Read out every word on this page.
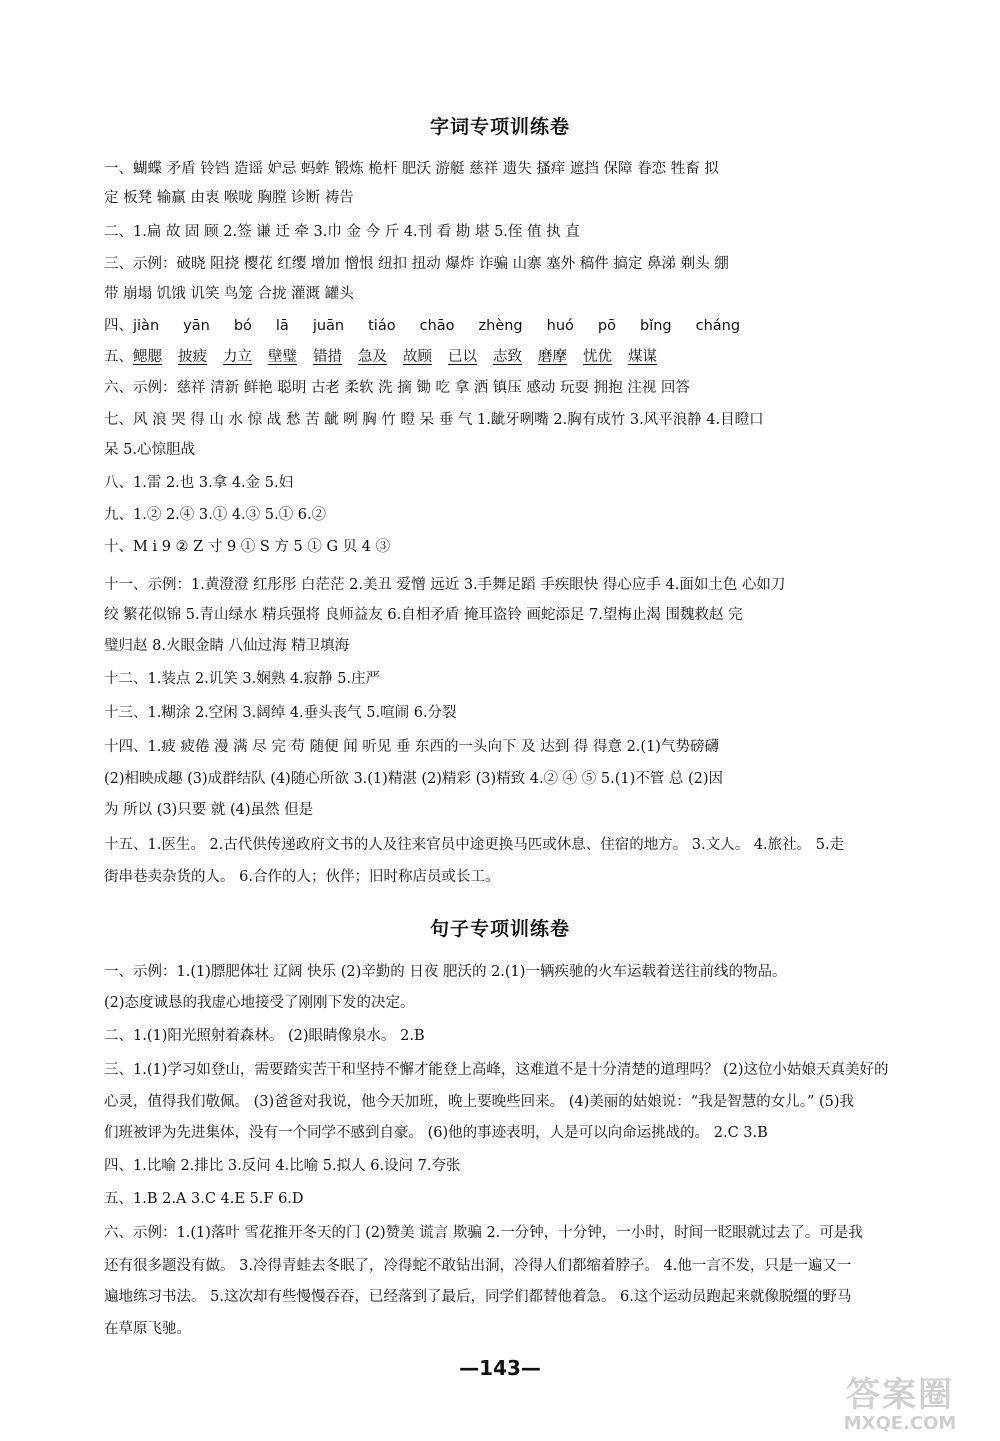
字词专项训练卷
一、蝴蝶 矛盾 铃铛 造谣 妒忌 蚂蚱 锻炼 桅杆 肥沃 游艇 慈祥 遗失 搔痒 遮挡 保障 眷恋 牲畜 拟
定 板凳 输赢 由衷 喉咙 胸膛 诊断 祷告
二、1.扁 故 固 顾 2.签 谦 迁 牵 3.巾 金 今 斤 4.刊 看 勘 堪 5.侄 值 执 直
三、示例：破晓 阻挠 樱花 红缨 增加 憎恨 纽扣 扭动 爆炸 诈骗 山寨 塞外 稿件 搞定 鼻涕 剃头 绷
带 崩塌 饥饿 讥笑 鸟笼 合拢 灌溉 罐头
四、jiàn yān bó lā juān tiáo chāo zhèng huó pō bǐng cháng
五、鳃腮 披疲 力立 壁璧 错措 急及 故顾 已以 志致 磨摩 忧优 煤谋
六、示例：慈祥 清新 鲜艳 聪明 古老 柔软 洗 摘 锄 吃 拿 洒 镇压 感动 玩耍 拥抱 注视 回答
七、风 浪 哭 得 山 水 惊 战 愁 苦 龇 咧 胸 竹 瞪 呆 垂 气 1.龇牙咧嘴 2.胸有成竹 3.风平浪静 4.目瞪口
呆 5.心惊胆战
八、1.雷 2.也 3.拿 4.金 5.妇
九、1.② 2.④ 3.① 4.③ 5.① 6.②
十、M i 9 ② Z 寸 9 ① S 方 5 ① G 贝 4 ③
十一、示例：1.黄澄澄 红彤彤 白茫茫 2.美丑 爱憎 远近 3.手舞足蹈 手疾眼快 得心应手 4.面如土色 心如刀
绞 繁花似锦 5.青山绿水 精兵强将 良师益友 6.自相矛盾 掩耳盗铃 画蛇添足 7.望梅止渴 围魏救赵 完
璧归赵 8.火眼金睛 八仙过海 精卫填海
十二、1.装点 2.讥笑 3.娴熟 4.寂静 5.庄严
十三、1.糊涂 2.空闲 3.阔绰 4.垂头丧气 5.喧闹 6.分裂
十四、1.疲 疲倦 漫 满 尽 完 苟 随便 闻 听见 垂 东西的一头向下 及 达到 得 得意 2.(1)气势磅礴
(2)相映成趣 (3)成群结队 (4)随心所欲 3.(1)精湛 (2)精彩 (3)精致 4.② ④ ⑤ 5.(1)不管 总 (2)因
为 所以 (3)只要 就 (4)虽然 但是
十五、1.医生。 2.古代供传递政府文书的人及往来官员中途更换马匹或休息、住宿的地方。 3.文人。 4.旅社。 5.走
街串巷卖杂货的人。 6.合作的人；伙伴；旧时称店员或长工。
句子专项训练卷
一、示例：1.(1)膘肥体壮 辽阔 快乐 (2)辛勤的 日夜 肥沃的 2.(1)一辆疾驰的火车运载着送往前线的物品。
(2)态度诚恳的我虚心地接受了刚刚下发的决定。
二、1.(1)阳光照射着森林。 (2)眼睛像泉水。 2.B
三、1.(1)学习如登山，需要踏实苦干和坚持不懈才能登上高峰，这难道不是十分清楚的道理吗？ (2)这位小姑娘天真美好的
心灵，值得我们敬佩。 (3)爸爸对我说，他今天加班，晚上要晚些回来。 (4)美丽的姑娘说：“我是智慧的女儿。” (5)我
们班被评为先进集体，没有一个同学不感到自豪。 (6)他的事迹表明，人是可以向命运挑战的。 2.C 3.B
四、1.比喻 2.排比 3.反问 4.比喻 5.拟人 6.设问 7.夸张
五、1.B 2.A 3.C 4.E 5.F 6.D
六、示例：1.(1)落叶 雪花推开冬天的门 (2)赞美 谎言 欺骗 2.一分钟，十分钟，一小时，时间一眨眼就过去了。可是我
还有很多题没有做。 3.冷得青蛙去冬眠了，冷得蛇不敢钻出洞，冷得人们都缩着脖子。 4.他一言不发，只是一遍又一
遍地练习书法。 5.这次却有些慢慢吞吞，已经落到了最后，同学们都替他着急。 6.这个运动员跑起来就像脱缰的野马
在草原飞驰。
—143—
答案圈
MXQE.COM
